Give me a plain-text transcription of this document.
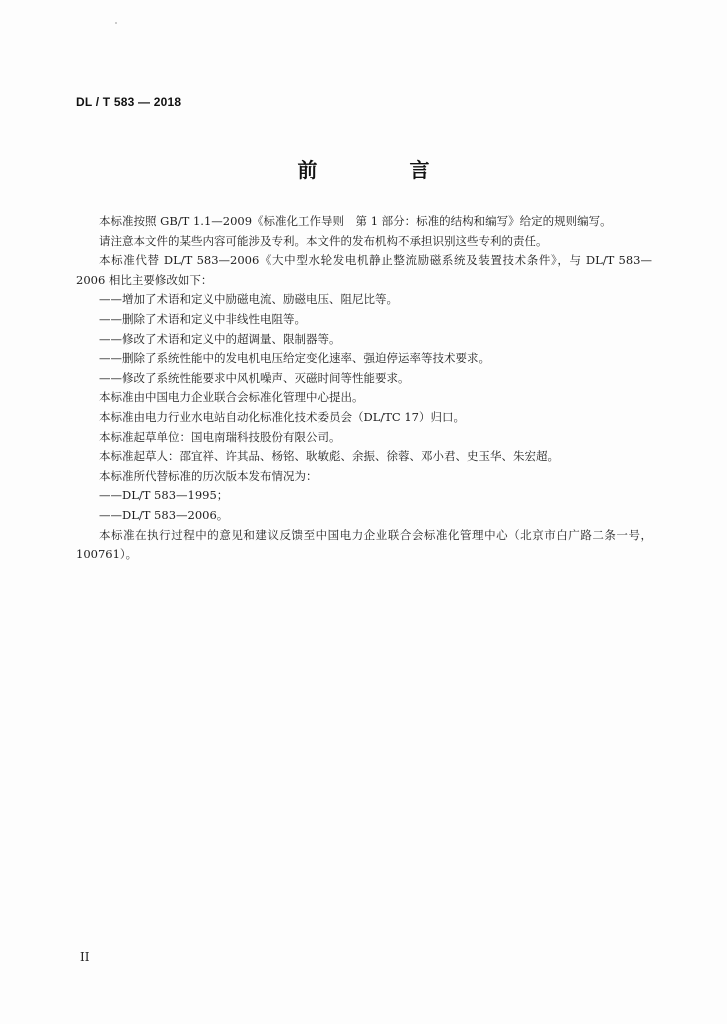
DL / T 583 — 2018
前　言

本标准按照 GB/T 1.1—2009《标准化工作导则　第 1 部分：标准的结构和编写》给定的规则编写。

请注意本文件的某些内容可能涉及专利。本文件的发布机构不承担识别这些专利的责任。

本标准代替 DL/T 583—2006《大中型水轮发电机静止整流励磁系统及装置技术条件》，与 DL/T 583—2006 相比主要修改如下：

——增加了术语和定义中励磁电流、励磁电压、阻尼比等。

——删除了术语和定义中非线性电阻等。

——修改了术语和定义中的超调量、限制器等。

——删除了系统性能中的发电机电压给定变化速率、强迫停运率等技术要求。

——修改了系统性能要求中风机噪声、灭磁时间等性能要求。

本标准由中国电力企业联合会标准化管理中心提出。

本标准由电力行业水电站自动化标准化技术委员会（DL/TC 17）归口。

本标准起草单位：国电南瑞科技股份有限公司。

本标准起草人：邵宜祥、许其品、杨铭、耿敏彪、余振、徐蓉、邓小君、史玉华、朱宏超。

本标准所代替标准的历次版本发布情况为：

——DL/T 583—1995；

——DL/T 583—2006。

本标准在执行过程中的意见和建议反馈至中国电力企业联合会标准化管理中心（北京市白广路二条一号，100761）。

II
